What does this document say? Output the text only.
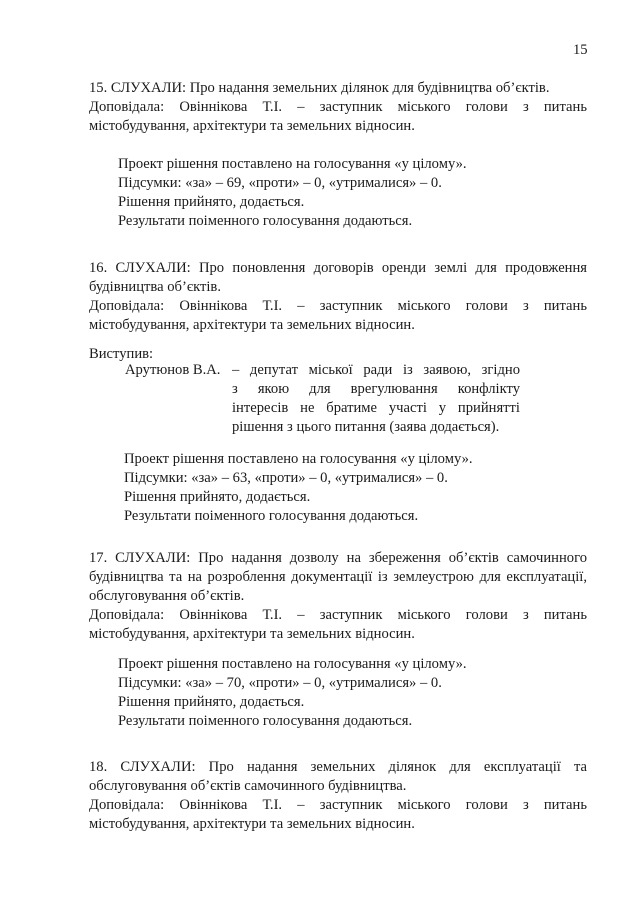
15
15. СЛУХАЛИ: Про надання земельних ділянок для будівництва об’єктів.
Доповідала: Овіннікова Т.І. – заступник міського голови з питань
містобудування, архітектури та земельних відносин.
Проект рішення поставлено на голосування «у цілому».
Підсумки: «за» – 69, «проти» – 0, «утрималися» – 0.
Рішення прийнято, додається.
Результати поіменного голосування додаються.
16. СЛУХАЛИ: Про поновлення договорів оренди землі для продовження
будівництва об’єктів.
Доповідала: Овіннікова Т.І. – заступник міського голови з питань
містобудування, архітектури та земельних відносин.
Виступив:
Арутюнов В.А. – депутат міської ради із заявою, згідно
з якою для врегулювання конфлікту
інтересів не братиме участі у прийнятті
рішення з цього питання (заява додається).
Проект рішення поставлено на голосування «у цілому».
Підсумки: «за» – 63, «проти» – 0, «утрималися» – 0.
Рішення прийнято, додається.
Результати поіменного голосування додаються.
17. СЛУХАЛИ: Про надання дозволу на збереження об’єктів самочинного
будівництва та на розроблення документації із землеустрою для експлуатації,
обслуговування об’єктів.
Доповідала: Овіннікова Т.І. – заступник міського голови з питань
містобудування, архітектури та земельних відносин.
Проект рішення поставлено на голосування «у цілому».
Підсумки: «за» – 70, «проти» – 0, «утрималися» – 0.
Рішення прийнято, додається.
Результати поіменного голосування додаються.
18. СЛУХАЛИ: Про надання земельних ділянок для експлуатації та
обслуговування об’єктів самочинного будівництва.
Доповідала: Овіннікова Т.І. – заступник міського голови з питань
містобудування, архітектури та земельних відносин.
